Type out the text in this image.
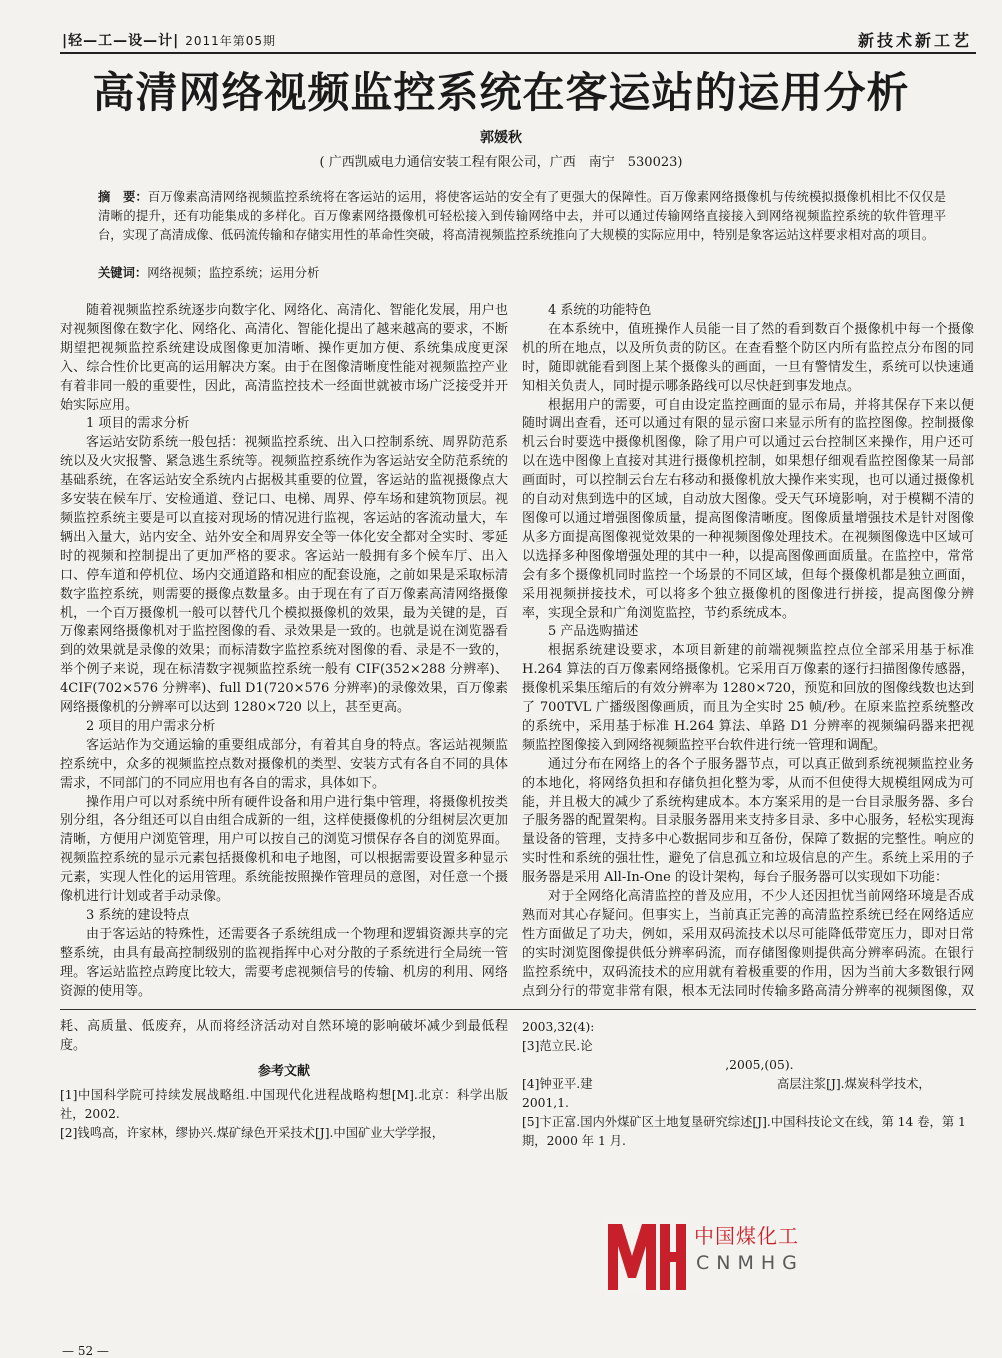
|轻—工—设—计| 2011年第05期	新技术新工艺
高清网络视频监控系统在客运站的运用分析
郭媛秋
( 广西凯威电力通信安装工程有限公司，广西　南宁　530023)
摘　要：百万像素高清网络视频监控系统将在客运站的运用，将使客运站的安全有了更强大的保障性。百万像素网络摄像机与传统模拟摄像机相比不仅仅是清晰的提升，还有功能集成的多样化。百万像素网络摄像机可轻松接入到传输网络中去，并可以通过传输网络直接接入到网络视频监控系统的软件管理平台，实现了高清成像、低码流传输和存储实用性的革命性突破，将高清视频监控系统推向了大规模的实际应用中，特别是象客运站这样要求相对高的项目。
关键词：网络视频；监控系统；运用分析

随着视频监控系统逐步向数字化、网络化、高清化、智能化发展，用户也对视频图像在数字化、网络化、高清化、智能化提出了越来越高的要求，不断期望把视频监控系统建设成图像更加清晰、操作更加方便、系统集成度更深入、综合性价比更高的运用解决方案。由于在图像清晰度性能对视频监控产业有着非同一般的重要性，因此，高清监控技术一经面世就被市场广泛接受并开始实际应用。

1 项目的需求分析

客运站安防系统一般包括：视频监控系统、出入口控制系统、周界防范系统以及火灾报警、紧急逃生系统等。视频监控系统作为客运站安全防范系统的基础系统，在客运站安全系统内占据极其重要的位置，客运站的监视摄像点大多安装在候车厅、安检通道、登记口、电梯、周界、停车场和建筑物顶层。视频监控系统主要是可以直接对现场的情况进行监视，客运站的客流动量大，车辆出入量大，站内安全、站外安全和周界安全等一体化安全都对全实时、零延时的视频和控制提出了更加严格的要求。客运站一般拥有多个候车厅、出入口、停车道和停机位、场内交通道路和相应的配套设施，之前如果是采取标清数字监控系统，则需要的摄像点数量多。由于现在有了百万像素高清网络摄像机，一个百万摄像机一般可以替代几个模拟摄像机的效果，最为关键的是，百万像素网络摄像机对于监控图像的看、录效果是一致的。也就是说在浏览器看到的效果就是录像的效果；而标清数字监控系统对图像的看、录是不一致的，举个例子来说，现在标清数字视频监控系统一般有 CIF(352×288 分辨率)、4CIF(702×576 分辨率)、full D1(720×576 分辨率)的录像效果，百万像素网络摄像机的分辨率可以达到 1280×720 以上，甚至更高。

2 项目的用户需求分析

客运站作为交通运输的重要组成部分，有着其自身的特点。客运站视频监控系统中，众多的视频监控点数对摄像机的类型、安装方式有各自不同的具体需求，不同部门的不同应用也有各自的需求，具体如下。

操作用户可以对系统中所有硬件设备和用户进行集中管理，将摄像机按类别分组，各分组还可以自由组合成新的一组，这样使摄像机的分组树层次更加清晰，方便用户浏览管理，用户可以按自己的浏览习惯保存各自的浏览界面。视频监控系统的显示元素包括摄像机和电子地图，可以根据需要设置多种显示元素，实现人性化的运用管理。系统能按照操作管理员的意图，对任意一个摄像机进行计划或者手动录像。

3 系统的建设特点

由于客运站的特殊性，还需要各子系统组成一个物理和逻辑资源共享的完整系统，由具有最高控制级别的监视指挥中心对分散的子系统进行全局统一管理。客运站监控点跨度比较大，需要考虑视频信号的传输、机房的利用、网络资源的使用等。

4 系统的功能特色

在本系统中，值班操作人员能一目了然的看到数百个摄像机中每一个摄像机的所在地点，以及所负责的防区。在查看整个防区内所有监控点分布图的同时，随即就能看到图上某个摄像头的画面，一旦有警情发生，系统可以快速通知相关负责人，同时提示哪条路线可以尽快赶到事发地点。

根据用户的需要，可自由设定监控画面的显示布局，并将其保存下来以便随时调出查看，还可以通过有限的显示窗口来显示所有的监控图像。控制摄像机云台时要选中摄像机图像，除了用户可以通过云台控制区来操作，用户还可以在选中图像上直接对其进行摄像机控制，如果想仔细观看监控图像某一局部画面时，可以控制云台左右移动和摄像机放大操作来实现，也可以通过摄像机的自动对焦到选中的区域，自动放大图像。受天气环境影响，对于模糊不清的图像可以通过增强图像质量，提高图像清晰度。图像质量增强技术是针对图像从多方面提高图像视觉效果的一种视频图像处理技术。在视频图像选中区域可以选择多种图像增强处理的其中一种，以提高图像画面质量。在监控中，常常会有多个摄像机同时监控一个场景的不同区域，但每个摄像机都是独立画面，采用视频拼接技术，可以将多个独立摄像机的图像进行拼接，提高图像分辨率，实现全景和广角浏览监控，节约系统成本。

5 产品选购描述

根据系统建设要求，本项目新建的前端视频监控点位全部采用基于标准 H.264 算法的百万像素网络摄像机。它采用百万像素的逐行扫描图像传感器，摄像机采集压缩后的有效分辨率为 1280×720，预览和回放的图像线数也达到了 700TVL 广播级图像画质，而且为全实时 25 帧/秒。在原来监控系统整改的系统中，采用基于标准 H.264 算法、单路 D1 分辨率的视频编码器来把视频监控图像接入到网络视频监控平台软件进行统一管理和调配。

通过分布在网络上的各个子服务器节点，可以真正做到系统视频监控业务的本地化，将网络负担和存储负担化整为零，从而不但使得大规模组网成为可能，并且极大的减少了系统构建成本。本方案采用的是一台目录服务器、多台子服务器的配置架构。目录服务器用来支持多目录、多中心服务，轻松实现海量设备的管理，支持多中心数据同步和互备份，保障了数据的完整性。响应的实时性和系统的强壮性，避免了信息孤立和垃圾信息的产生。系统上采用的子服务器是采用 All-In-One 的设计架构，每台子服务器可以实现如下功能：

对于全网络化高清监控的普及应用，不少人还因担忧当前网络环境是否成熟而对其心存疑问。但事实上，当前真正完善的高清监控系统已经在网络适应性方面做足了功夫，例如，采用双码流技术以尽可能降低带宽压力，即对日常的实时浏览图像提供低分辨率码流，而存储图像则提供高分辨率码流。在银行监控系统中，双码流技术的应用就有着极重要的作用，因为当前大多数银行网点到分行的带宽非常有限，根本无法同时传输多路高清分辨率的视频图像，双

耗、高质量、低废弃，从而将经济活动对自然环境的影响破坏减少到最低程度。

参考文献

[1]中国科学院可持续发展战略组.中国现代化进程战略构想[M].北京：科学出版社，2002.

[2]钱鸣高，许家林，缪协兴.煤矿绿色开采技术[J].中国矿业大学学报，

2003,32(4):

[3]范立民.论

,2005,(05).

[4]钟亚平.建　　　　　　　　　　　　　　　高层注浆[J].煤炭科学技术，

2001,1.

[5]卞正富.国内外煤矿区土地复垦研究综述[J].中国科技论文在线，第 14 卷，第 1 期，2000 年 1 月.

中国煤化工
CNMHG
— 52 —
